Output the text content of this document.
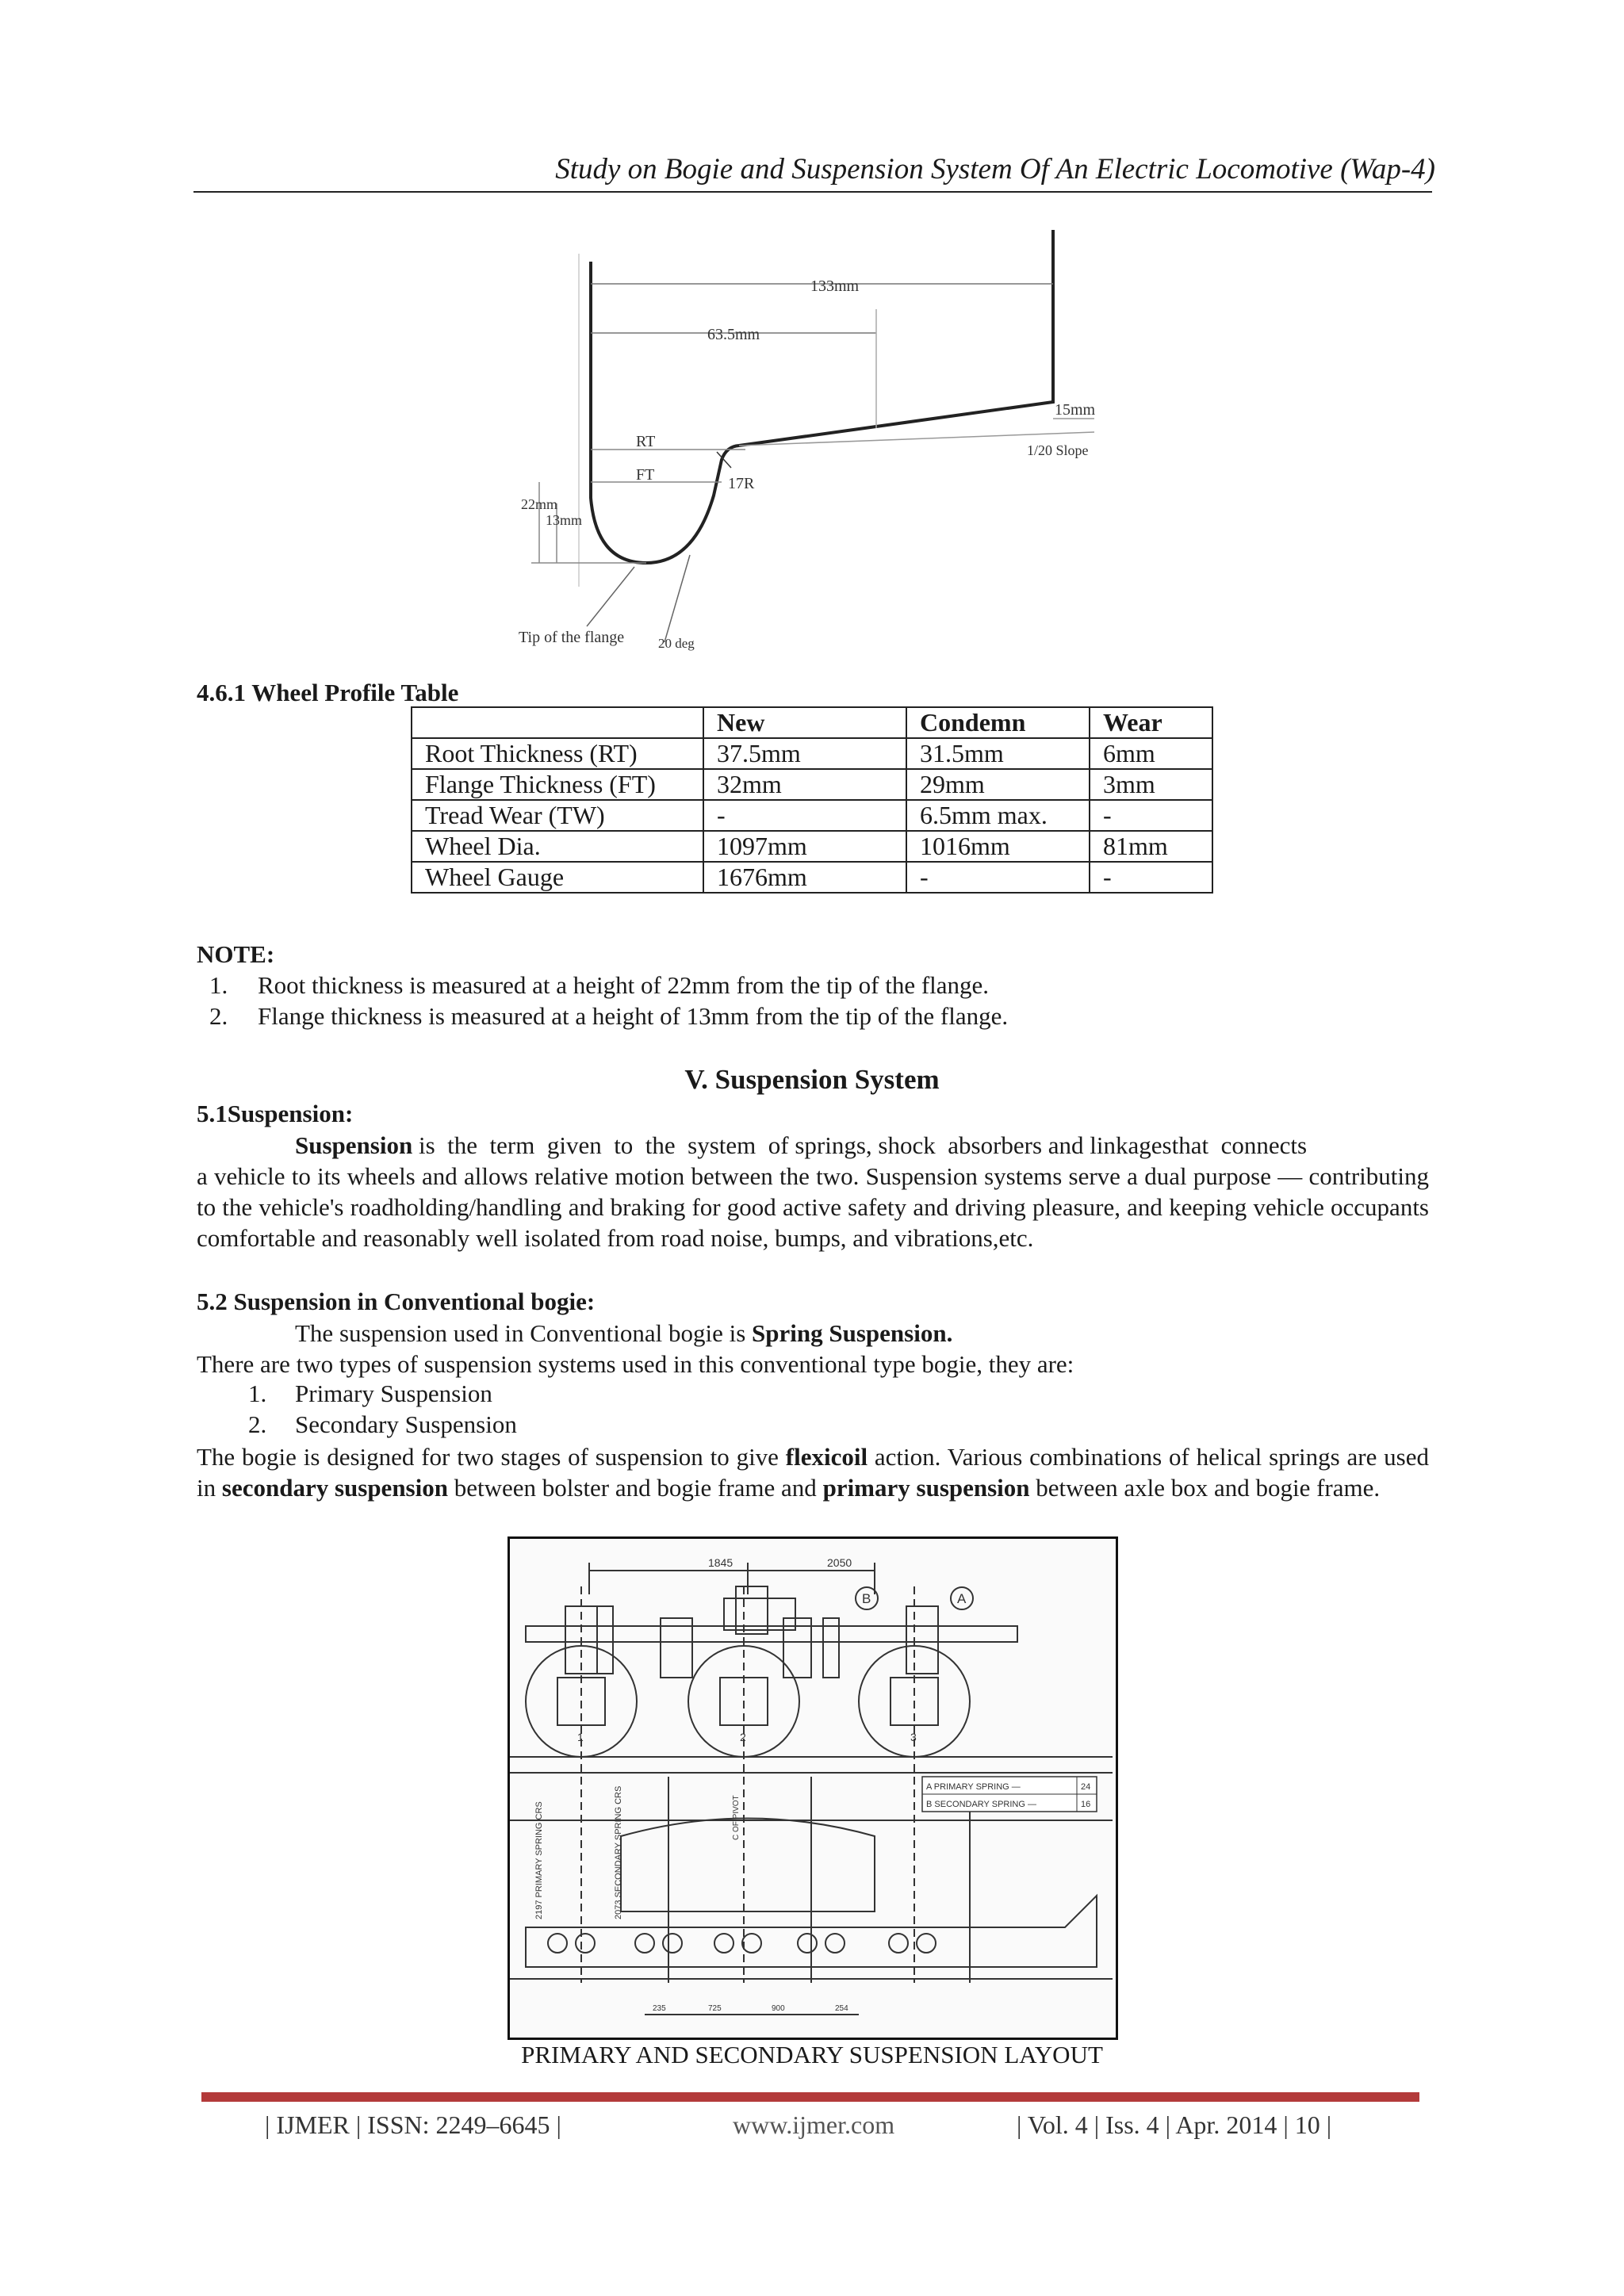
Study on Bogie and Suspension System Of An Electric Locomotive (Wap-4)
133mm
63.5mm
RT
FT	17R
1/20 Slope
15mm
22mm
13mm
Tip of the flange	20 deg
4.6.1 Wheel Profile Table
	New	Condemn	Wear
Root Thickness (RT)	37.5mm	31.5mm	6mm
Flange Thickness (FT)	32mm	29mm	3mm
Tread Wear (TW)	-	6.5mm max.	-
Wheel Dia.	1097mm	1016mm	81mm
Wheel Gauge	1676mm	-	-
NOTE:
1. Root thickness is measured at a height of 22mm from the tip of the flange.
2. Flange thickness is measured at a height of 13mm from the tip of the flange.
V. Suspension System
5.1Suspension:
Suspension is  the  term  given  to  the  system  of springs, shock  absorbers and linkagesthat  connects
a vehicle to its wheels and allows relative motion between the two. Suspension systems serve a dual purpose — contributing to the vehicle's roadholding/handling and braking for good active safety and driving pleasure, and keeping vehicle occupants comfortable and reasonably well isolated from road noise, bumps, and vibrations,etc.
5.2 Suspension in Conventional bogie:
The suspension used in Conventional bogie is Spring Suspension.
There are two types of suspension systems used in this conventional type bogie, they are:
1. Primary Suspension
2. Secondary Suspension
The bogie is designed for two stages of suspension to give flexicoil action. Various combinations of helical springs are used in secondary suspension between bolster and bogie frame and primary suspension between axle box and bogie frame.
1845	2050
B	A
1	2	3
A PRIMARY SPRING —	24
B SECONDARY SPRING —	16
C OF PIVOT
2197 PRIMARY SPRING CRS	2073 SECONDARY SPRING CRS
235	725	900	254
PRIMARY AND SECONDARY SUSPENSION LAYOUT
| IJMER | ISSN: 2249–6645 |	www.ijmer.com	| Vol. 4 | Iss. 4 | Apr. 2014 | 10 |
